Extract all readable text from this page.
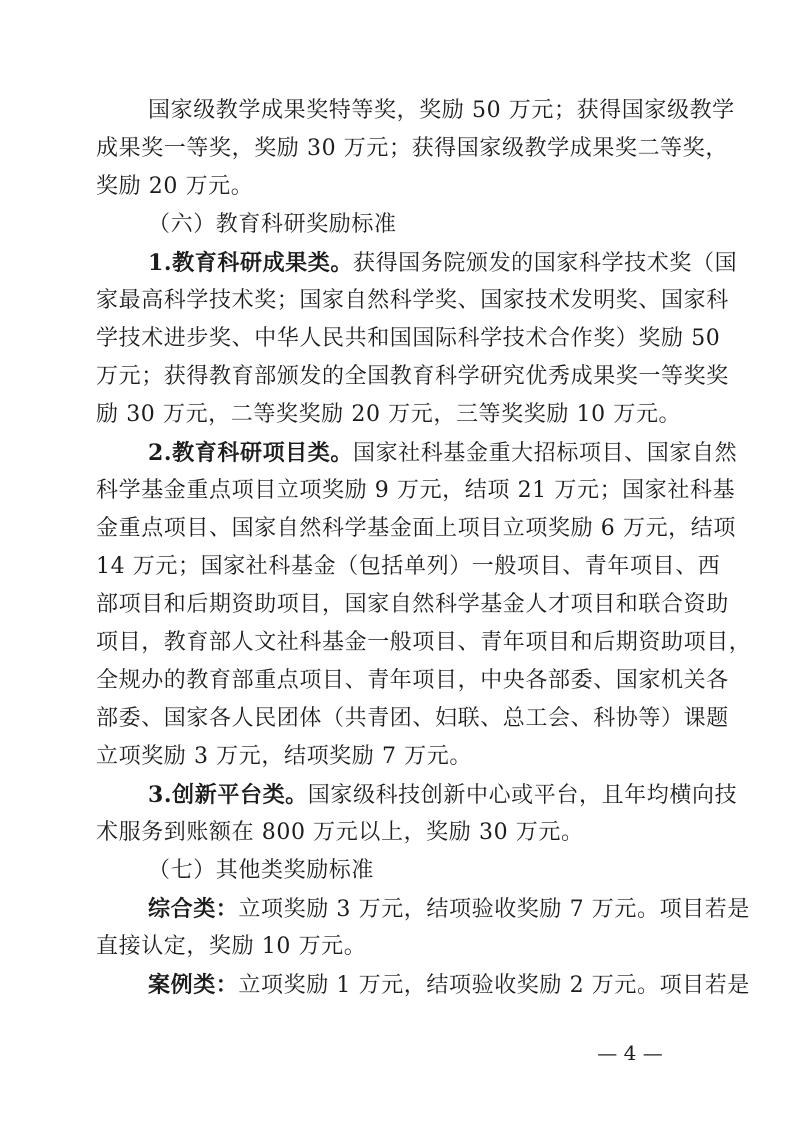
国家级教学成果奖特等奖，奖励 50 万元；获得国家级教学
成果奖一等奖，奖励 30 万元；获得国家级教学成果奖二等奖，
奖励 20 万元。
（六）教育科研奖励标准
1.教育科研成果类。获得国务院颁发的国家科学技术奖（国
家最高科学技术奖；国家自然科学奖、国家技术发明奖、国家科
学技术进步奖、中华人民共和国国际科学技术合作奖）奖励 50
万元；获得教育部颁发的全国教育科学研究优秀成果奖一等奖奖
励 30 万元，二等奖奖励 20 万元，三等奖奖励 10 万元。
2.教育科研项目类。国家社科基金重大招标项目、国家自然
科学基金重点项目立项奖励 9 万元，结项 21 万元；国家社科基
金重点项目、国家自然科学基金面上项目立项奖励 6 万元，结项
14 万元；国家社科基金（包括单列）一般项目、青年项目、西
部项目和后期资助项目，国家自然科学基金人才项目和联合资助
项目，教育部人文社科基金一般项目、青年项目和后期资助项目，
全规办的教育部重点项目、青年项目，中央各部委、国家机关各
部委、国家各人民团体（共青团、妇联、总工会、科协等）课题
立项奖励 3 万元，结项奖励 7 万元。
3.创新平台类。国家级科技创新中心或平台，且年均横向技
术服务到账额在 800 万元以上，奖励 30 万元。
（七）其他类奖励标准
综合类：立项奖励 3 万元，结项验收奖励 7 万元。项目若是
直接认定，奖励 10 万元。
案例类：立项奖励 1 万元，结项验收奖励 2 万元。项目若是
— 4 —
